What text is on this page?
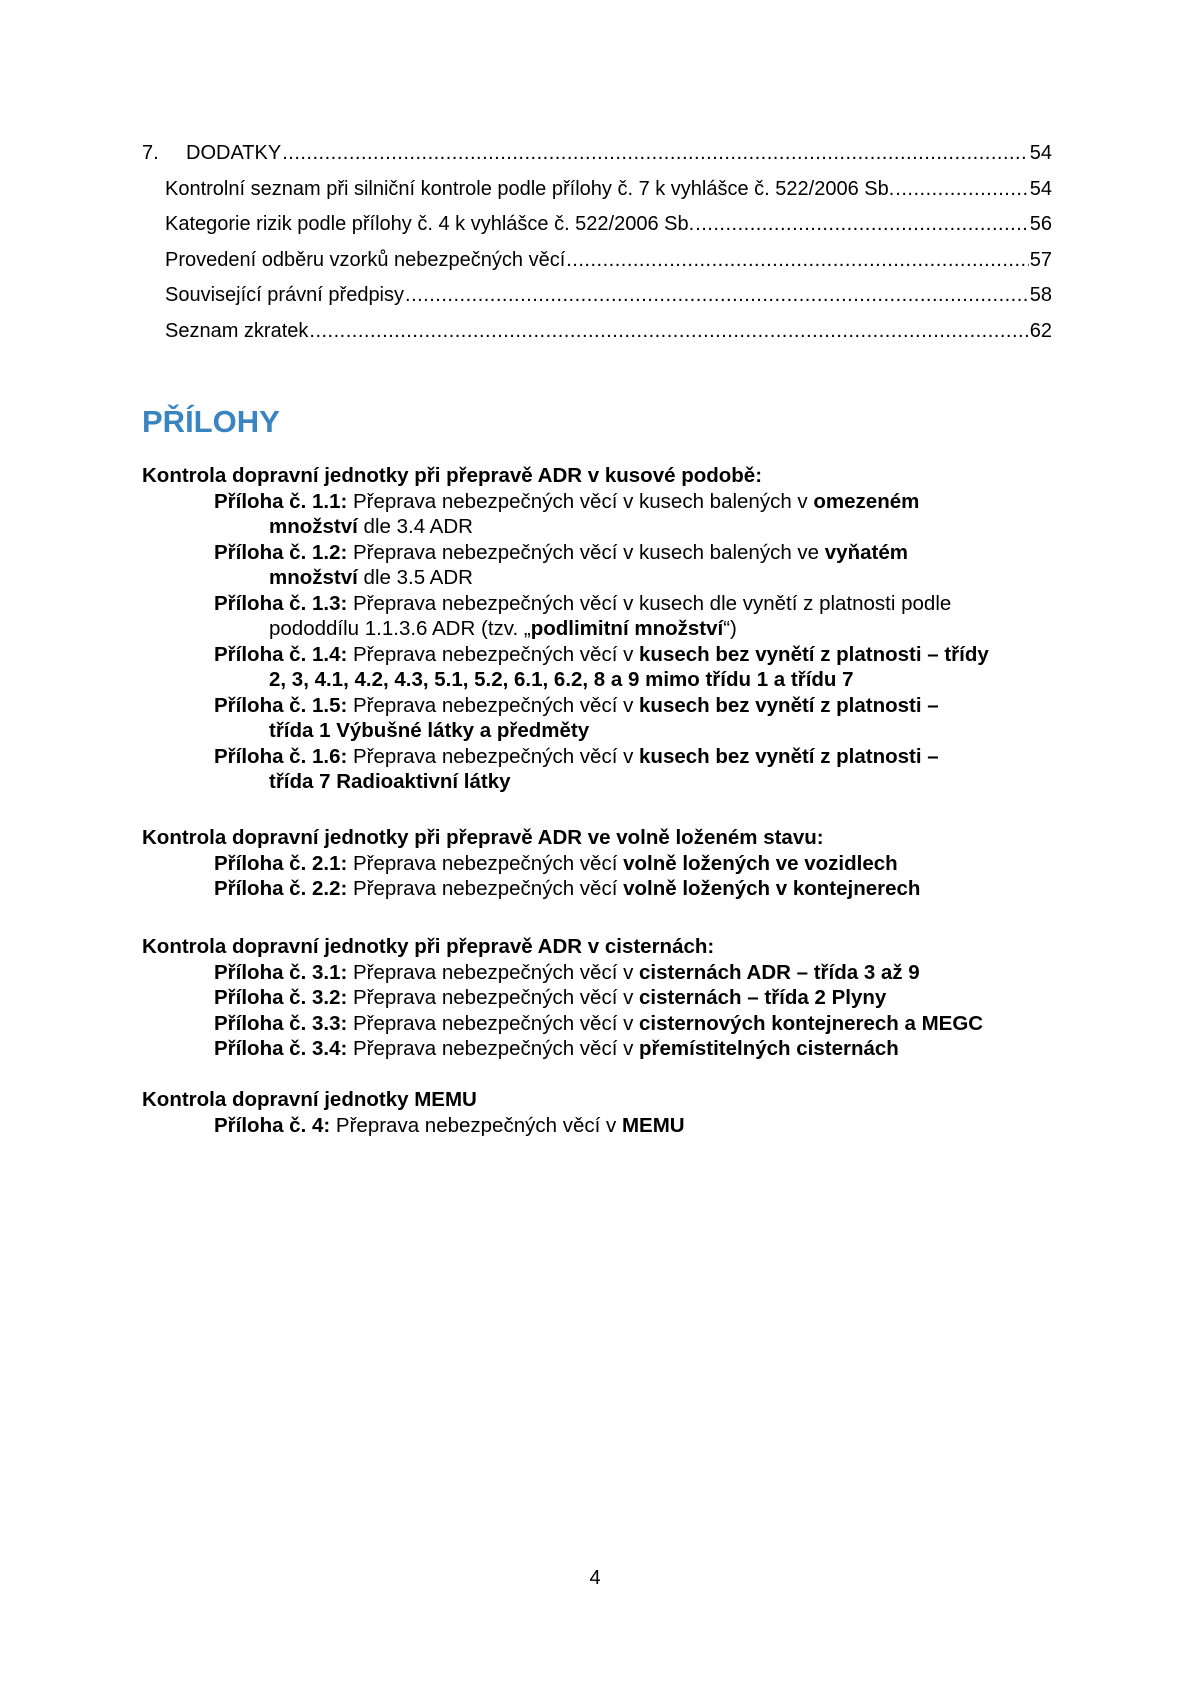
7.	DODATKY .....	54
Kontrolní seznam při silniční kontrole podle přílohy č. 7 k vyhlášce č. 522/2006 Sb. .....	54
Kategorie rizik podle přílohy č. 4 k vyhlášce č. 522/2006 Sb. .....	56
Provedení odběru vzorků nebezpečných věcí .....	57
Související právní předpisy .....	58
Seznam zkratek .....	62
PŘÍLOHY
Kontrola dopravní jednotky při přepravě ADR v kusové podobě:
Příloha č. 1.1: Přeprava nebezpečných věcí v kusech balených v omezeném
množství dle 3.4 ADR
Příloha č. 1.2: Přeprava nebezpečných věcí v kusech balených ve vyňatém
množství dle 3.5 ADR
Příloha č. 1.3: Přeprava nebezpečných věcí v kusech dle vynětí z platnosti podle
pododdílu 1.1.3.6 ADR (tzv. „podlimitní množství“)
Příloha č. 1.4: Přeprava nebezpečných věcí v kusech bez vynětí z platnosti – třídy
2, 3, 4.1, 4.2, 4.3, 5.1, 5.2, 6.1, 6.2, 8 a 9 mimo třídu 1 a třídu 7
Příloha č. 1.5: Přeprava nebezpečných věcí v kusech bez vynětí z platnosti –
třída 1 Výbušné látky a předměty
Příloha č. 1.6: Přeprava nebezpečných věcí v kusech bez vynětí z platnosti –
třída 7 Radioaktivní látky
Kontrola dopravní jednotky při přepravě ADR ve volně loženém stavu:
Příloha č. 2.1: Přeprava nebezpečných věcí volně ložených ve vozidlech
Příloha č. 2.2: Přeprava nebezpečných věcí volně ložených v kontejnerech
Kontrola dopravní jednotky při přepravě ADR v cisternách:
Příloha č. 3.1: Přeprava nebezpečných věcí v cisternách ADR – třída 3 až 9
Příloha č. 3.2: Přeprava nebezpečných věcí v cisternách – třída 2 Plyny
Příloha č. 3.3: Přeprava nebezpečných věcí v cisternových kontejnerech a MEGC
Příloha č. 3.4: Přeprava nebezpečných věcí v přemístitelných cisternách
Kontrola dopravní jednotky MEMU
Příloha č. 4: Přeprava nebezpečných věcí v MEMU
4
